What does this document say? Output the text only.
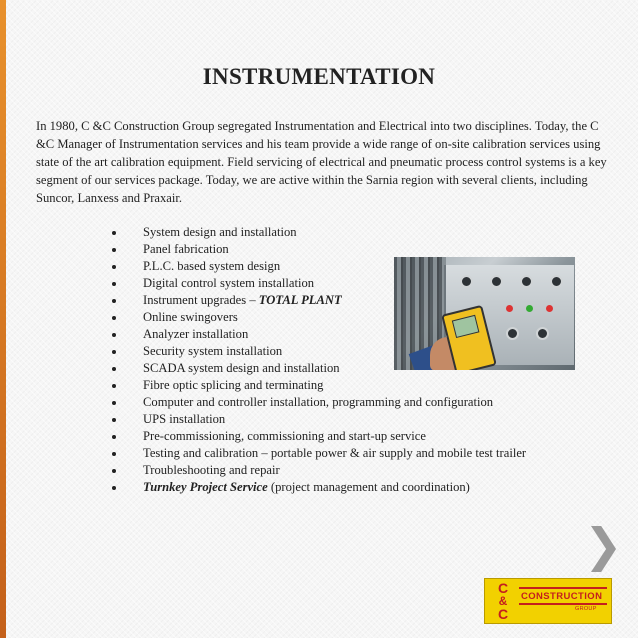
INSTRUMENTATION

In 1980, C &C Construction Group segregated Instrumentation and Electrical into two disciplines. Today, the C &C Manager of Instrumentation services and his team provide a wide range of on-site calibration services using state of the art calibration equipment. Field servicing of electrical and pneumatic process control systems is a key segment of our services package. Today, we are active within the Sarnia region with several clients, including Suncor, Lanxess and Praxair.

System design and installation
Panel fabrication
P.L.C. based system design
Digital control system installation
Instrument upgrades – TOTAL PLANT
Online swingovers
Analyzer installation
Security system installation
SCADA system design and installation
Fibre optic splicing and terminating
Computer and controller installation, programming and configuration
UPS installation
Pre-commissioning, commissioning and start-up service
Testing and calibration – portable power & air supply and mobile test trailer
Troubleshooting and repair
Turnkey Project Service (project management and coordination)
❯
C
&
C
CONSTRUCTION
GROUP
